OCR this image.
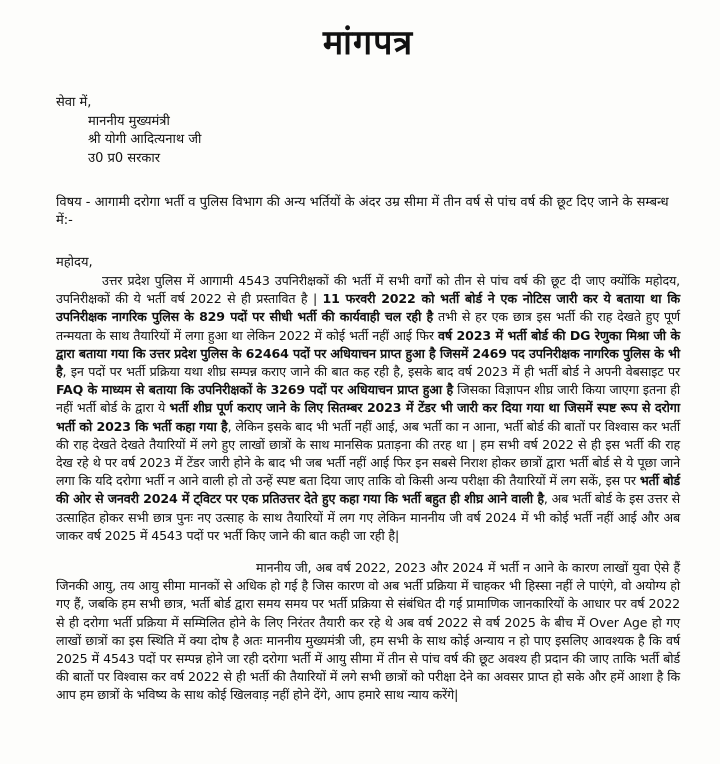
मांगपत्र
सेवा में,
माननीय मुख्यमंत्री
श्री योगी आदित्यनाथ जी
उ0 प्र0 सरकार
विषय - आगामी दरोगा भर्ती व पुलिस विभाग की अन्य भर्तियों के अंदर उम्र सीमा में तीन वर्ष से पांच वर्ष की छूट दिए जाने के सम्बन्ध में:-
महोदय,
उत्तर प्रदेश पुलिस में आगामी 4543 उपनिरीक्षकों की भर्ती में सभी वर्गों को तीन से पांच वर्ष की छूट दी जाए क्योंकि महोदय, उपनिरीक्षकों की ये भर्ती वर्ष 2022 से ही प्रस्तावित है | 11 फरवरी 2022 को भर्ती बोर्ड ने एक नोटिस जारी कर ये बताया था कि उपनिरीक्षक नागरिक पुलिस के 829 पदों पर सीधी भर्ती की कार्यवाही चल रही है तभी से हर एक छात्र इस भर्ती की राह देखते हुए पूर्ण तन्मयता के साथ तैयारियों में लगा हुआ था लेकिन 2022 में कोई भर्ती नहीं आई फिर वर्ष 2023 में भर्ती बोर्ड की DG रेणुका मिश्रा जी के द्वारा बताया गया कि उत्तर प्रदेश पुलिस के 62464 पदों पर अधियाचन प्राप्त हुआ है जिसमें 2469 पद उपनिरीक्षक नागरिक पुलिस के भी है, इन पदों पर भर्ती प्रक्रिया यथा शीघ्र सम्पन्न कराए जाने की बात कह रही है, इसके बाद वर्ष 2023 में ही भर्ती बोर्ड ने अपनी वेबसाइट पर FAQ के माध्यम से बताया कि उपनिरीक्षकों के 3269 पदों पर अधियाचन प्राप्त हुआ है जिसका विज्ञापन शीघ्र जारी किया जाएगा इतना ही नहीं भर्ती बोर्ड के द्वारा ये भर्ती शीघ्र पूर्ण कराए जाने के लिए सितम्बर 2023 में टेंडर भी जारी कर दिया गया था जिसमें स्पष्ट रूप से दरोगा भर्ती को 2023 कि भर्ती कहा गया है, लेकिन इसके बाद भी भर्ती नहीं आई, अब भर्ती का न आना, भर्ती बोर्ड की बातों पर विश्वास कर भर्ती की राह देखते देखते तैयारियों में लगे हुए लाखों छात्रों के साथ मानसिक प्रताड़ना की तरह था | हम सभी वर्ष 2022 से ही इस भर्ती की राह देख रहे थे पर वर्ष 2023 में टेंडर जारी होने के बाद भी जब भर्ती नहीं आई फिर इन सबसे निराश होकर छात्रों द्वारा भर्ती बोर्ड से ये पूछा जाने लगा कि यदि दरोगा भर्ती न आने वाली हो तो उन्हें स्पष्ट बता दिया जाए ताकि वो किसी अन्य परीक्षा की तैयारियों में लग सकें, इस पर भर्ती बोर्ड की ओर से जनवरी 2024 में ट्विटर पर एक प्रतिउत्तर देते हुए कहा गया कि भर्ती बहुत ही शीघ्र आने वाली है, अब भर्ती बोर्ड के इस उत्तर से उत्साहित होकर सभी छात्र पुनः नए उत्साह के साथ तैयारियों में लग गए लेकिन माननीय जी वर्ष 2024 में भी कोई भर्ती नहीं आई और अब जाकर वर्ष 2025 में 4543 पदों पर भर्ती किए जाने की बात कही जा रही है|
माननीय जी, अब वर्ष 2022, 2023 और 2024 में भर्ती न आने के कारण लाखों युवा ऐसे हैं जिनकी आयु, तय आयु सीमा मानकों से अधिक हो गई है जिस कारण वो अब भर्ती प्रक्रिया में चाहकर भी हिस्सा नहीं ले पाएंगे, वो अयोग्य हो गए हैं, जबकि हम सभी छात्र, भर्ती बोर्ड द्वारा समय समय पर भर्ती प्रक्रिया से संबंधित दी गई प्रामाणिक जानकारियों के आधार पर वर्ष 2022 से ही दरोगा भर्ती प्रक्रिया में सम्मिलित होने के लिए निरंतर तैयारी कर रहे थे अब वर्ष 2022 से वर्ष 2025 के बीच में Over Age हो गए लाखों छात्रों का इस स्थिति में क्या दोष है अतः माननीय मुख्यमंत्री जी, हम सभी के साथ कोई अन्याय न हो पाए इसलिए आवश्यक है कि वर्ष 2025 में 4543 पदों पर सम्पन्न होने जा रही दरोगा भर्ती में आयु सीमा में तीन से पांच वर्ष की छूट अवश्य ही प्रदान की जाए ताकि भर्ती बोर्ड की बातों पर विश्वास कर वर्ष 2022 से ही भर्ती की तैयारियों में लगे सभी छात्रों को परीक्षा देने का अवसर प्राप्त हो सके और हमें आशा है कि आप हम छात्रों के भविष्य के साथ कोई खिलवाड़ नहीं होने देंगे, आप हमारे साथ न्याय करेंगे|
